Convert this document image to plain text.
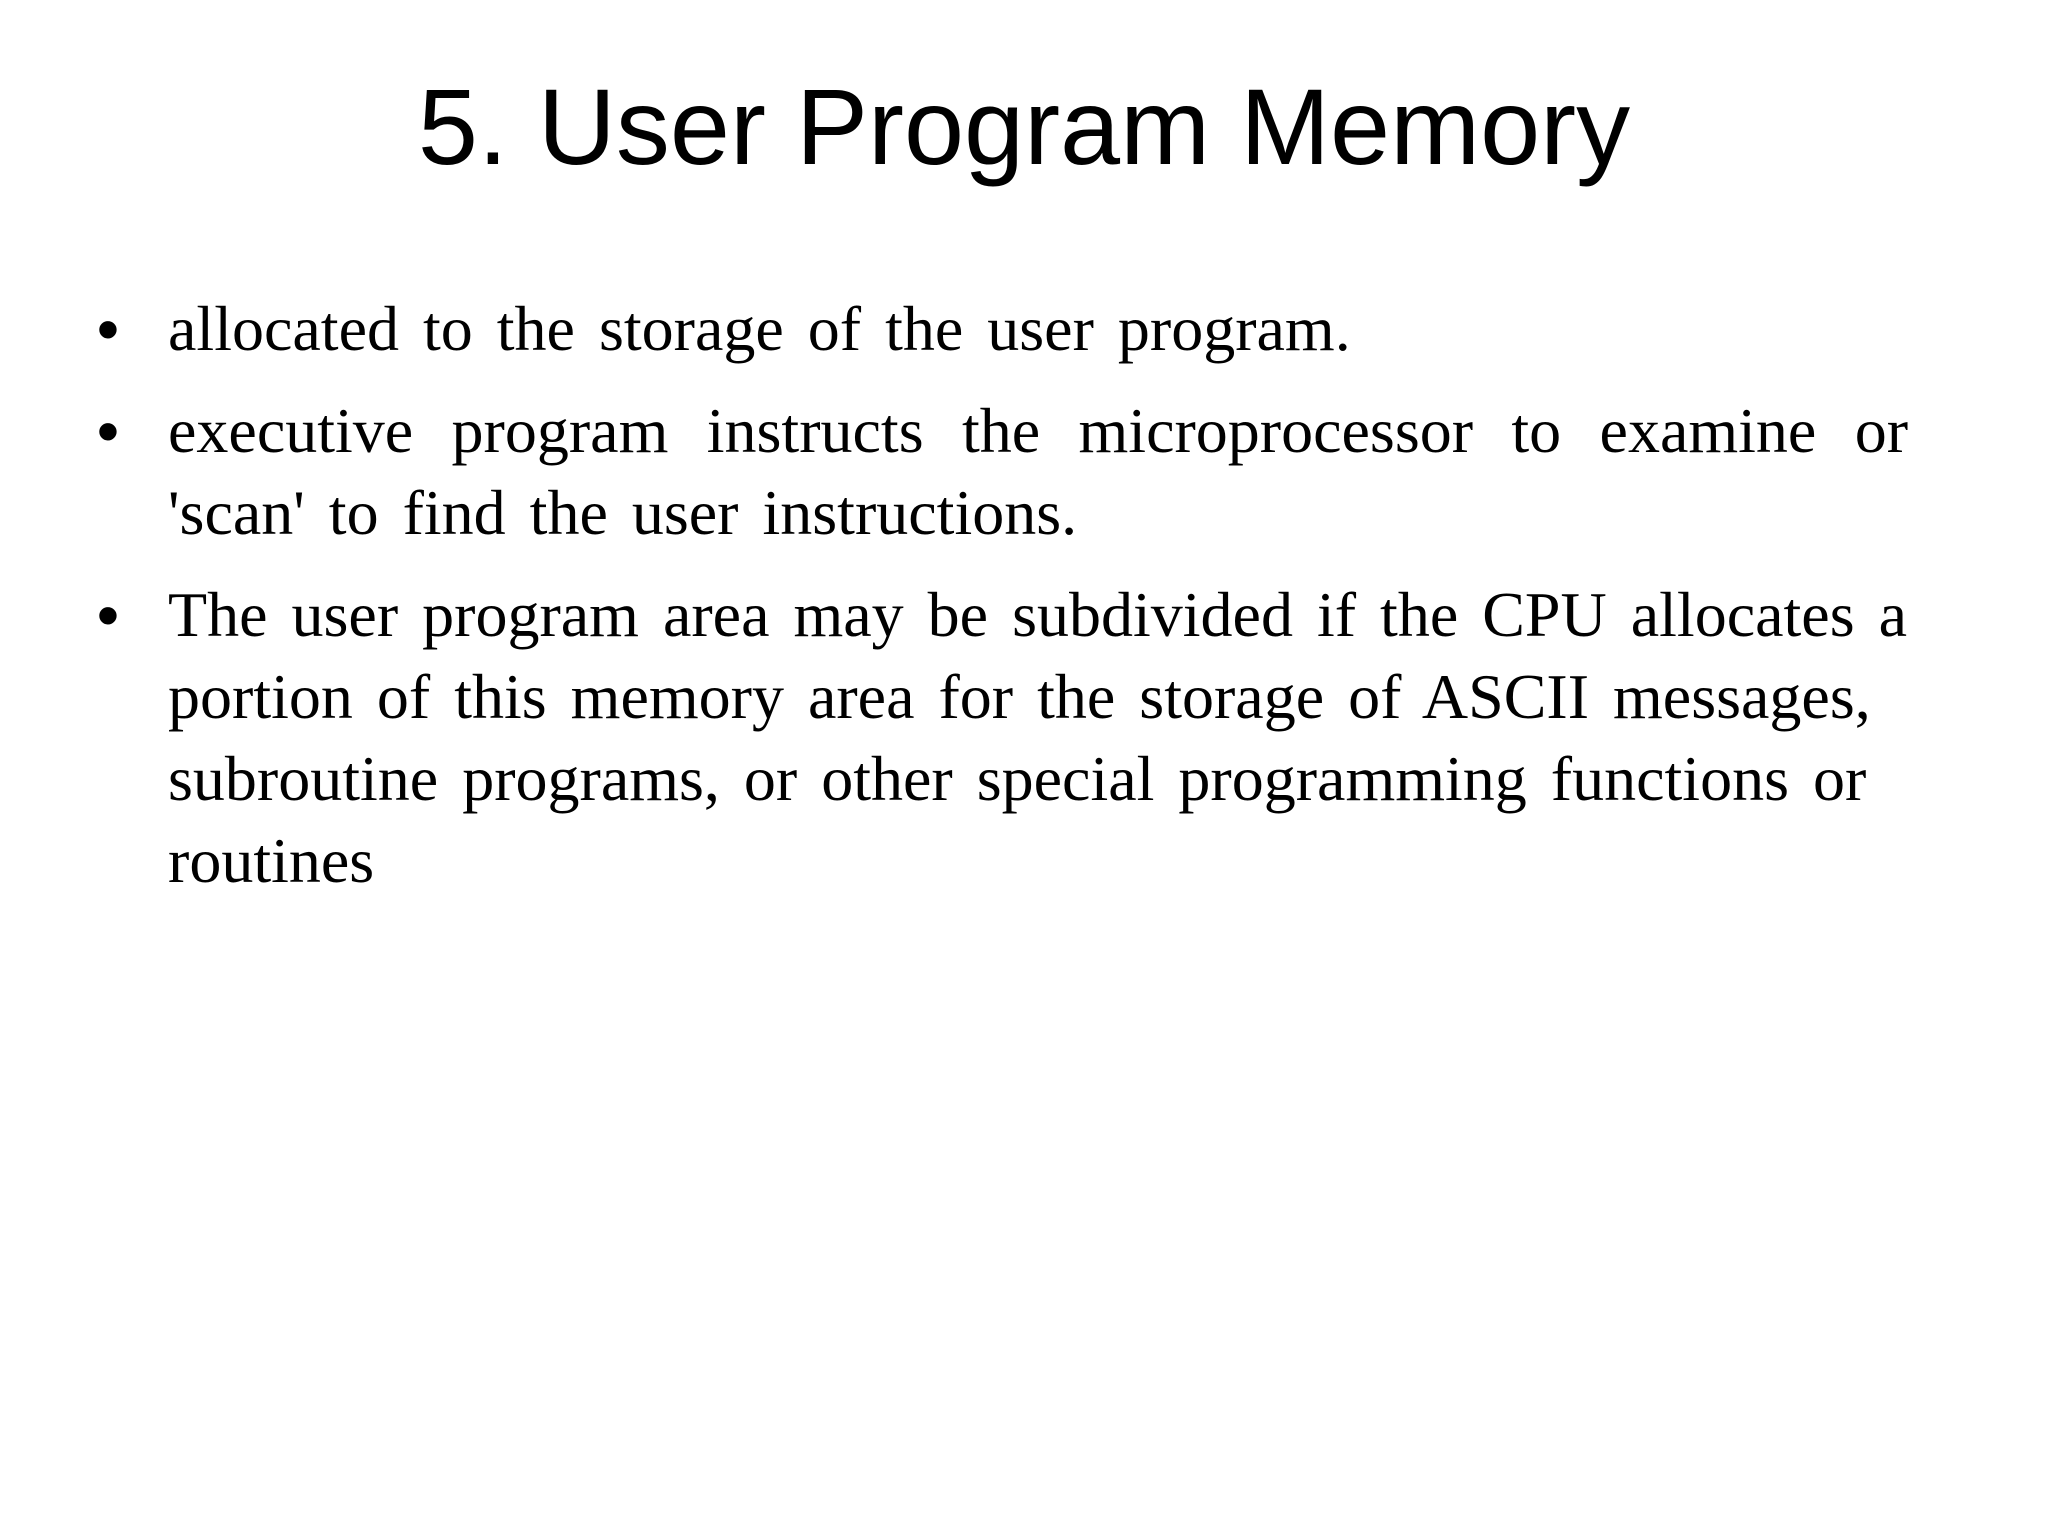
5. User Program Memory
• allocated to the storage of the user program.
• executive program instructs the microprocessor to examine or 'scan' to find the user instructions.
• The user program area may be subdivided if the CPU allocates a portion of this memory area for the storage of ASCII messages, subroutine programs, or other special programming functions or routines
